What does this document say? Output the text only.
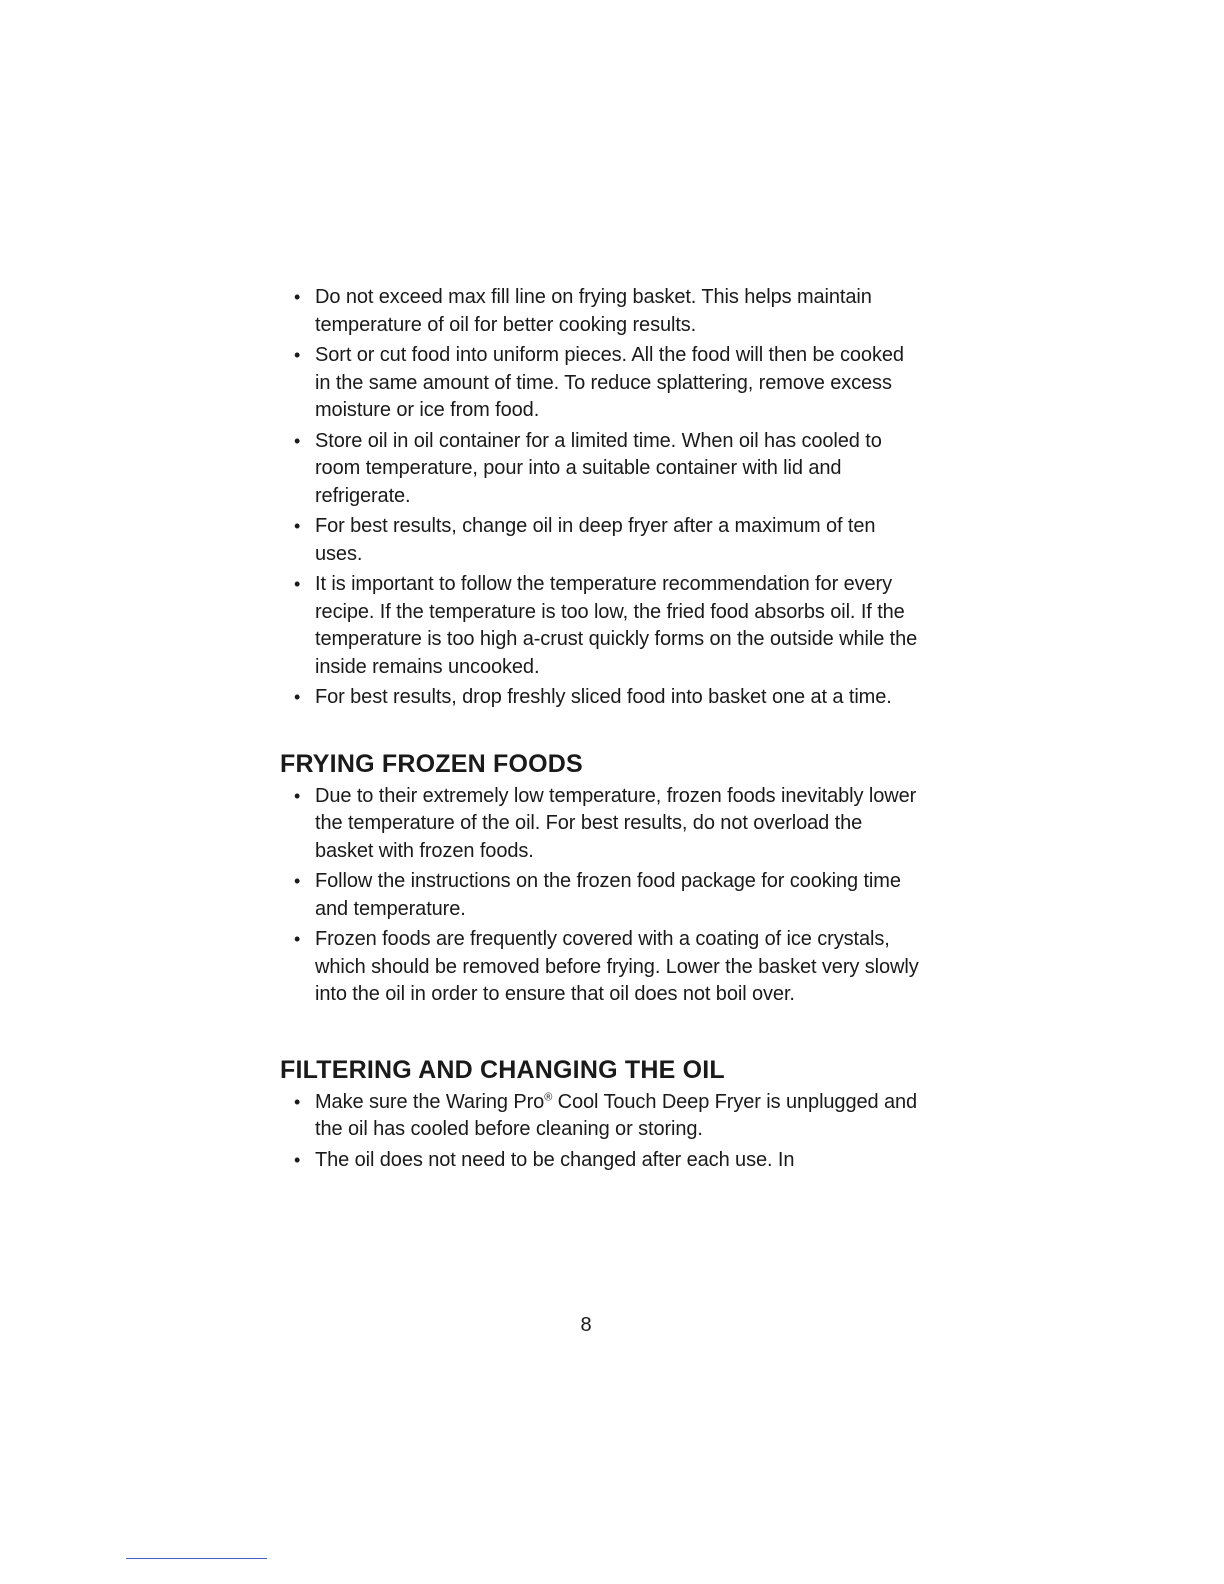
• Do not exceed max fill line on frying basket. This helps maintain temperature of oil for better cooking results.
• Sort or cut food into uniform pieces. All the food will then be cooked in the same amount of time. To reduce splattering, remove excess moisture or ice from food.
• Store oil in oil container for a limited time. When oil has cooled to room temperature, pour into a suitable container with lid and refrigerate.
• For best results, change oil in deep fryer after a maximum of ten uses.
• It is important to follow the temperature recommendation for every recipe. If the temperature is too low, the fried food absorbs oil. If the temperature is too high a-crust quickly forms on the outside while the inside remains uncooked.
• For best results, drop freshly sliced food into basket one at a time.
FRYING FROZEN FOODS
• Due to their extremely low temperature, frozen foods inevitably lower the temperature of the oil. For best results, do not overload the basket with frozen foods.
• Follow the instructions on the frozen food package for cooking time and temperature.
• Frozen foods are frequently covered with a coating of ice crystals, which should be removed before frying. Lower the basket very slowly into the oil in order to ensure that oil does not boil over.
FILTERING AND CHANGING THE OIL
• Make sure the Waring Pro® Cool Touch Deep Fryer is unplugged and the oil has cooled before cleaning or storing.
• The oil does not need to be changed after each use. In
8
